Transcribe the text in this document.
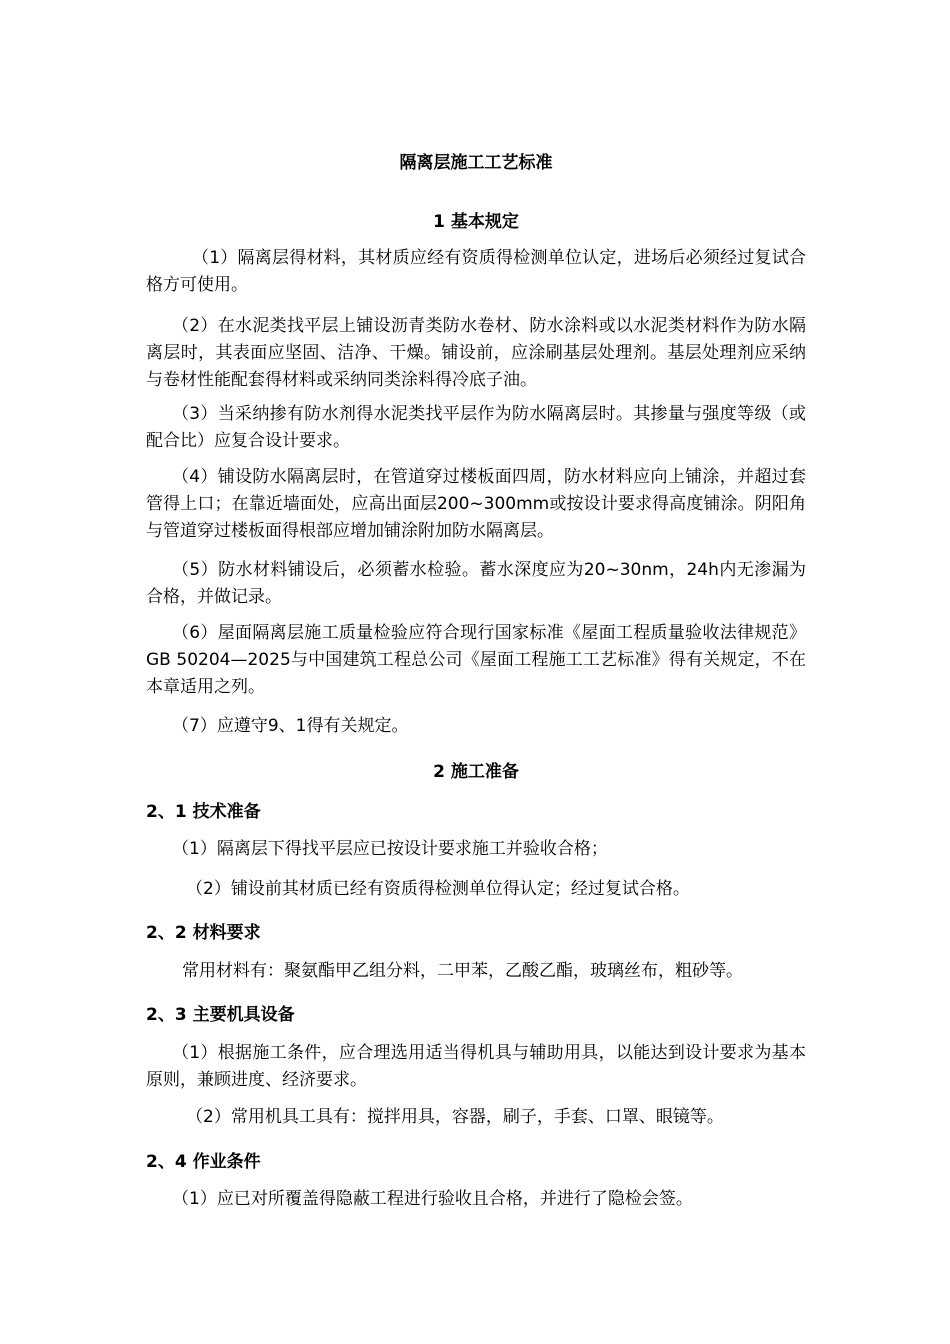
隔离层施工工艺标准

1 基本规定

（1）隔离层得材料，其材质应经有资质得检测单位认定，进场后必须经过复试合格方可使用。

（2）在水泥类找平层上铺设沥青类防水卷材、防水涂料或以水泥类材料作为防水隔离层时，其表面应坚固、洁净、干燥。铺设前，应涂刷基层处理剂。基层处理剂应采纳与卷材性能配套得材料或采纳同类涂料得冷底子油。

（3）当采纳掺有防水剂得水泥类找平层作为防水隔离层时。其掺量与强度等级（或配合比）应复合设计要求。

（4）铺设防水隔离层时，在管道穿过楼板面四周，防水材料应向上铺涂，并超过套管得上口；在靠近墙面处，应高出面层200~300mm或按设计要求得高度铺涂。阴阳角与管道穿过楼板面得根部应增加铺涂附加防水隔离层。

（5）防水材料铺设后，必须蓄水检验。蓄水深度应为20~30nm，24h内无渗漏为合格，并做记录。

（6）屋面隔离层施工质量检验应符合现行国家标准《屋面工程质量验收法律规范》GB 50204—2025与中国建筑工程总公司《屋面工程施工工艺标准》得有关规定，不在本章适用之列。

（7）应遵守9、1得有关规定。

2 施工准备

2、1 技术准备

（1）隔离层下得找平层应已按设计要求施工并验收合格；

（2）铺设前其材质已经有资质得检测单位得认定；经过复试合格。

2、2 材料要求

常用材料有：聚氨酯甲乙组分料，二甲苯，乙酸乙酯，玻璃丝布，粗砂等。

2、3 主要机具设备

（1）根据施工条件，应合理选用适当得机具与辅助用具，以能达到设计要求为基本原则，兼顾进度、经济要求。

（2）常用机具工具有：搅拌用具，容器，刷子，手套、口罩、眼镜等。

2、4 作业条件

（1）应已对所覆盖得隐蔽工程进行验收且合格，并进行了隐检会签。
